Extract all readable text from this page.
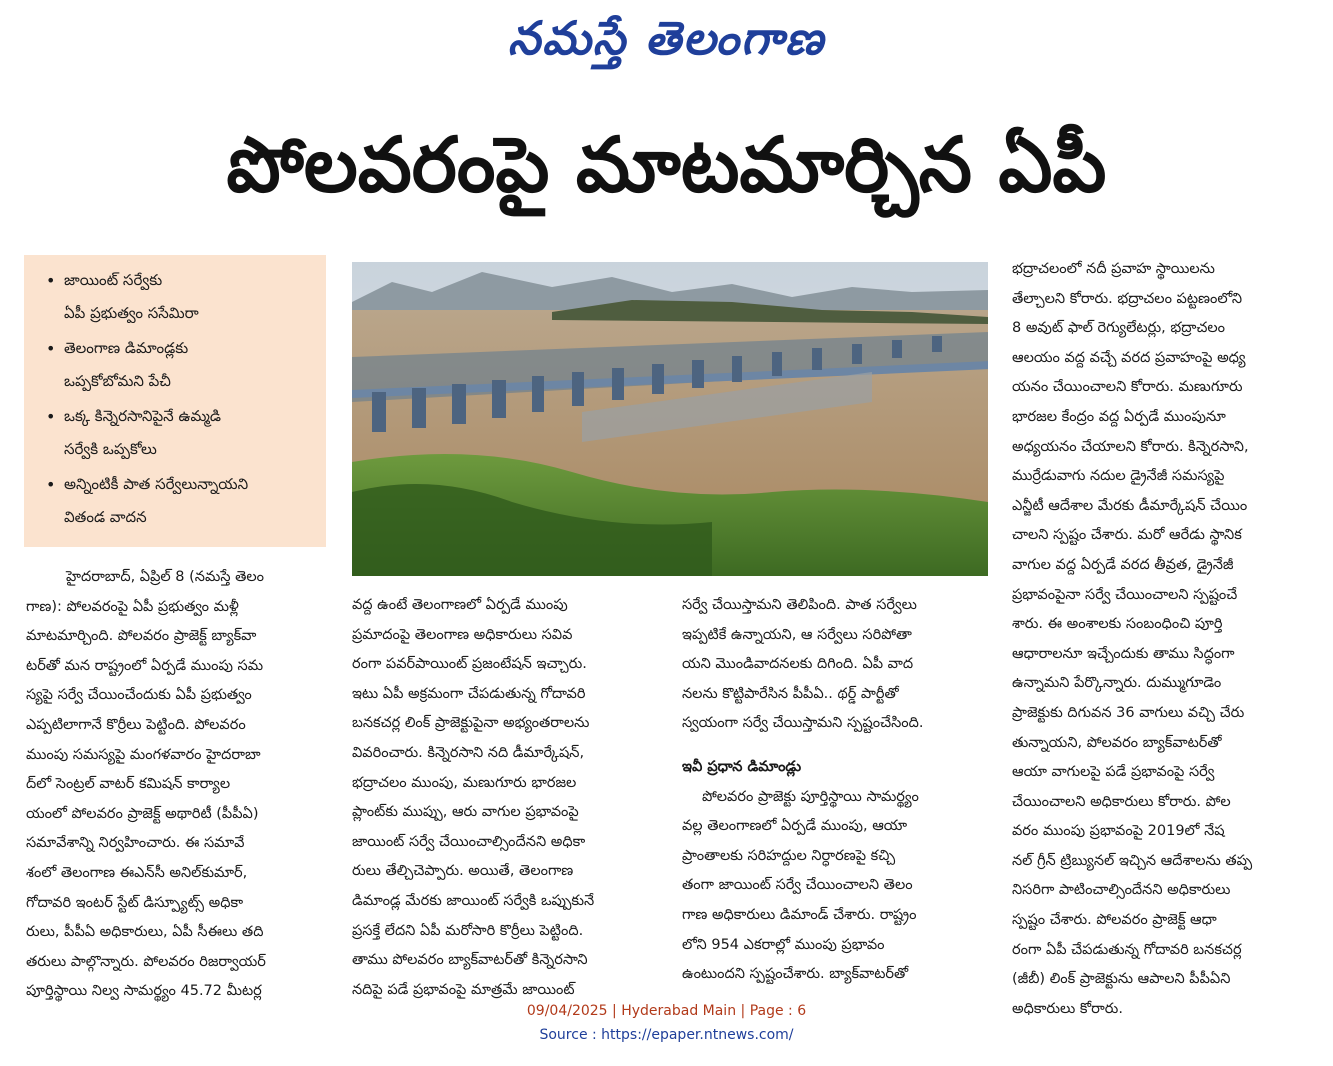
నమస్తే తెలంగాణ
పోలవరంపై మాటమార్చిన ఏపీ
• జాయింట్ సర్వేకు
ఏపీ ప్రభుత్వం ససేమిరా
• తెలంగాణ డిమాండ్లకు
ఒప్పకోబోమని పేచీ
• ఒక్క కిన్నెరసానిపైనే ఉమ్మడి
సర్వేకి ఒప్పకోలు
• అన్నింటికీ పాత సర్వేలున్నాయని
వితండ వాదన
హైదరాబాద్, ఏప్రిల్ 8 (నమస్తే తెలం
గాణ): పోలవరంపై ఏపీ ప్రభుత్వం మళ్లీ
మాటమార్చింది. పోలవరం ప్రాజెక్ట్ బ్యాక్‌వా
టర్‌తో మన రాష్ట్రంలో ఏర్పడే ముంపు సమ
స్యపై సర్వే చేయించేందుకు ఏపీ ప్రభుత్వం
ఎప్పటిలాగానే కొర్రీలు పెట్టింది. పోలవరం
ముంపు సమస్యపై మంగళవారం హైదరాబా
ద్‌లో సెంట్రల్ వాటర్ కమిషన్ కార్యాల
యంలో పోలవరం ప్రాజెక్ట్ అథారిటీ (పీపీఏ)
సమావేశాన్ని నిర్వహించారు. ఈ సమావే
శంలో తెలంగాణ ఈఎన్‌సీ అనిల్‌కుమార్,
గోదావరి ఇంటర్ స్టేట్ డిస్ప్యూట్స్ అధికా
రులు, పీపీఏ అధికారులు, ఏపీ సీఈలు తది
తరులు పాల్గొన్నారు. పోలవరం రిజర్వాయర్
పూర్తిస్థాయి నిల్వ సామర్థ్యం 45.72 మీటర్ల
వద్ద ఉంటే తెలంగాణలో ఏర్పడే ముంపు
ప్రమాదంపై తెలంగాణ అధికారులు సవివ
రంగా పవర్‌పాయింట్ ప్రజంటేషన్ ఇచ్చారు.
ఇటు ఏపీ అక్రమంగా చేపడుతున్న గోదావరి
బనకచర్ల లింక్ ప్రాజెక్టుపైనా అభ్యంతరాలను
వివరించారు. కిన్నెరసాని నది డీమార్కేషన్,
భద్రాచలం ముంపు, మణుగూరు భారజల
ప్లాంట్‌కు ముప్పు, ఆరు వాగుల ప్రభావంపై
జాయింట్ సర్వే చేయించాల్సిందేనని అధికా
రులు తేల్చిచెప్పారు. అయితే, తెలంగాణ
డిమాండ్ల మేరకు జాయింట్ సర్వేకి ఒప్పుకునే
ప్రసక్తే లేదని ఏపీ మరోసారి కొర్రీలు పెట్టింది.
తాము పోలవరం బ్యాక్‌వాటర్‌తో కిన్నెరసాని
నదిపై పడే ప్రభావంపై మాత్రమే జాయింట్
సర్వే చేయిస్తామని తెలిపింది. పాత సర్వేలు
ఇప్పటికే ఉన్నాయని, ఆ సర్వేలు సరిపోతా
యని మొండివాదనలకు దిగింది. ఏపీ వాద
నలను కొట్టిపారేసిన పీపీఏ.. థర్డ్ పార్టీతో
స్వయంగా సర్వే చేయిస్తామని స్పష్టంచేసింది.
ఇవీ ప్రధాన డిమాండ్లు
పోలవరం ప్రాజెక్టు పూర్తిస్థాయి సామర్థ్యం
వల్ల తెలంగాణలో ఏర్పడే ముంపు, ఆయా
ప్రాంతాలకు సరిహద్దుల నిర్ధారణపై కచ్చి
తంగా జాయింట్ సర్వే చేయించాలని తెలం
గాణ అధికారులు డిమాండ్ చేశారు. రాష్ట్రం
లోని 954 ఎకరాల్లో ముంపు ప్రభావం
ఉంటుందని స్పష్టంచేశారు. బ్యాక్‌వాటర్‌తో
భద్రాచలంలో నదీ ప్రవాహ స్థాయిలను
తేల్చాలని కోరారు. భద్రాచలం పట్టణంలోని
8 అవుట్ ఫాల్ రెగ్యులేటర్లు, భద్రాచలం
ఆలయం వద్ద వచ్చే వరద ప్రవాహంపై అధ్య
యనం చేయించాలని కోరారు. మణుగూరు
భారజల కేంద్రం వద్ద ఏర్పడే ముంపునూ
అధ్యయనం చేయాలని కోరారు. కిన్నెరసాని,
ముర్రేడువాగు నదుల డ్రైనేజీ సమస్యపై
ఎన్జీటీ ఆదేశాల మేరకు డీమార్కేషన్ చేయిం
చాలని స్పష్టం చేశారు. మరో ఆరేడు స్థానిక
వాగుల వద్ద ఏర్పడే వరద తీవ్రత, డ్రైనేజీ
ప్రభావంపైనా సర్వే చేయించాలని స్పష్టంచే
శారు. ఈ అంశాలకు సంబంధించి పూర్తి
ఆధారాలనూ ఇచ్చేందుకు తాము సిద్ధంగా
ఉన్నామని పేర్కొన్నారు. దుమ్ముగూడెం
ప్రాజెక్టుకు దిగువన 36 వాగులు వచ్చి చేరు
తున్నాయని, పోలవరం బ్యాక్‌వాటర్‌తో
ఆయా వాగులపై పడే ప్రభావంపై సర్వే
చేయించాలని అధికారులు కోరారు. పోల
వరం ముంపు ప్రభావంపై 2019లో నేష
నల్ గ్రీన్ ట్రిబ్యునల్ ఇచ్చిన ఆదేశాలను తప్ప
నిసరిగా పాటించాల్సిందేనని అధికారులు
స్పష్టం చేశారు. పోలవరం ప్రాజెక్ట్ ఆధా
రంగా ఏపీ చేపడుతున్న గోదావరి బనకచర్ల
(జీబీ) లింక్ ప్రాజెక్టును ఆపాలని పీపీఏని
అధికారులు కోరారు.
09/04/2025 | Hyderabad Main | Page : 6
Source : https://epaper.ntnews.com/
